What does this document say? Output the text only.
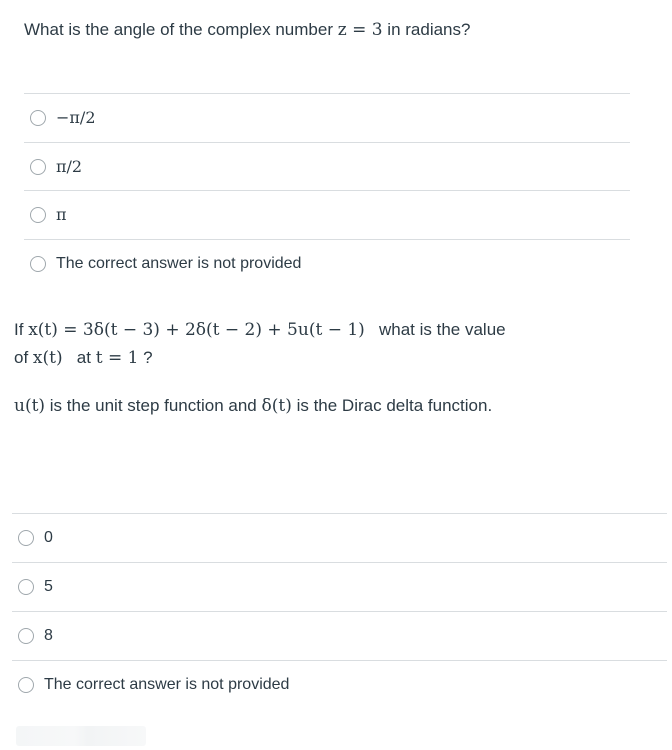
What is the angle of the complex number z = 3 in radians?
−π/2
π/2
π
The correct answer is not provided
If x(t) = 3δ(t − 3) + 2δ(t − 2) + 5u(t − 1) what is the value
of x(t) at t = 1 ?
u(t) is the unit step function and δ(t) is the Dirac delta function.
0
5
8
The correct answer is not provided
